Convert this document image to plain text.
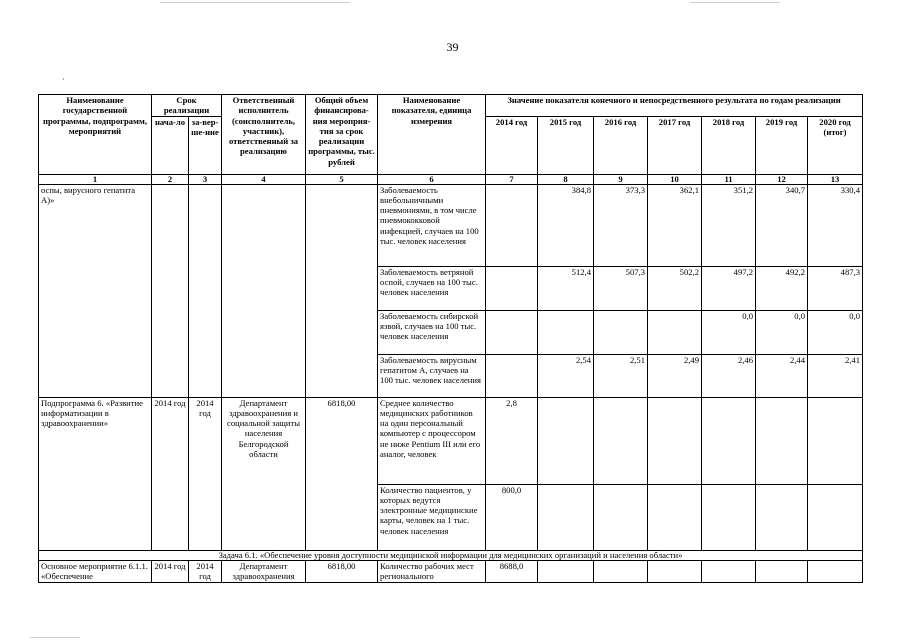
39
·
Наименование государственной программы, подпрограмм, мероприятий	Срок реализации		Ответственный исполнитель (соисполнитель, участник), ответственный за реализацию	Общий объем финансирова-ния мероприя-тия за срок реализации программы, тыс. рублей	Наименование показателя, единица измерения	Значение показателя конечного и непосредственного результата по годам реализации						
	нача-ло	за-вер-ше-ние				2014 год	2015 год	2016 год	2017 год	2018 год	2019 год	2020 год (итог)
1	2	3	4	5	6	7	8	9	10	11	12	13
оспы, вирусного гепатита А)»					Заболеваемость внебольничными пневмониями, в том числе пневмококковой инфекцией, случаев на 100 тыс. человек населения		384,8	373,3	362,1	351,2	340,7	330,4
					Заболеваемость ветряной оспой, случаев на 100 тыс. человек населения		512,4	507,3	502,2	497,2	492,2	487,3
					Заболеваемость сибирской язвой, случаев на 100 тыс. человек населения					0,0	0,0	0,0
					Заболеваемость вирусным гепатитом А, случаев на 100 тыс. человек населения		2,54	2,51	2,49	2,46	2,44	2,41
Подпрограмма 6. «Развитие информатизации в здравоохранении»	2014 год	2014 год	Департамент здравоохранения и социальной защиты населения Белгородской области	6818,00	Среднее количество медицинских работников на один персональный компьютер с процессором не ниже Pentium III или его аналог, человек	2,8						
					Количество пациентов, у которых ведутся электронные медицинские карты, человек на 1 тыс. человек населения	800,0						
Задача 6.1. «Обеспечение уровня доступности медицинской информации для медицинских организаций и населения области»												
Основное мероприятие 6.1.1. «Обеспечение	2014 год	2014 год	Департамент здравоохранения	6818,00	Количество рабочих мест регионального	8688,0						
